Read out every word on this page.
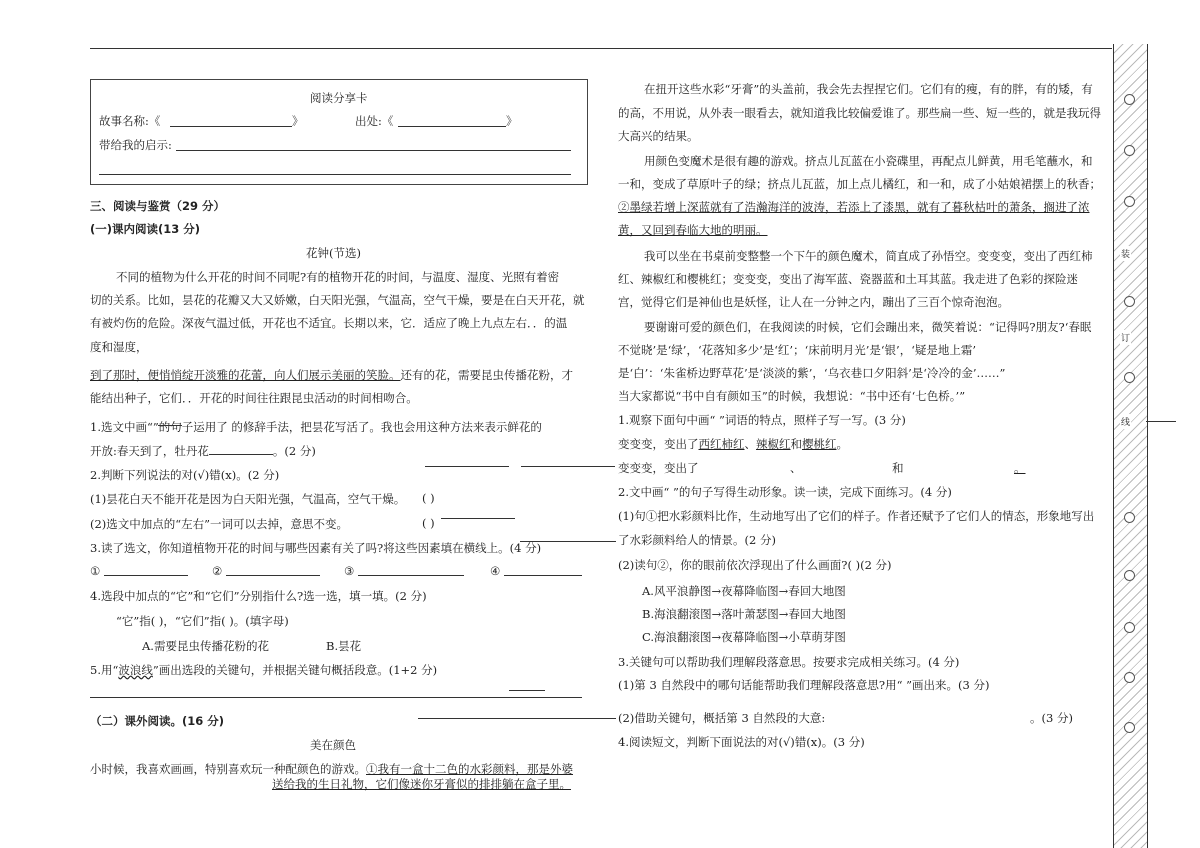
阅读分享卡
故事名称:《	》	出处:《	》
带给我的启示:
三、阅读与鉴赏（29 分）
(一)课内阅读(13 分)
花钟(节选)
不同的植物为什么开花的时间不同呢?有的植物开花的时间，与温度、湿度、光照有着密
切的关系。比如，昙花的花瓣又大又娇嫩，白天阳光强，气温高，空气干燥，要是在白天开花，就
有被灼伤的危险。深夜气温过低，开花也不适宜。长期以来，它．适应了晚上九点左右．．的温
度和湿度，
到了那时，便悄悄绽开淡雅的花蕾，向人们展示美丽的笑脸。还有的花，需要昆虫传播花粉，才
能结出种子，它们．．开花的时间往往跟昆虫活动的时间相吻合。
1.选文中画“”的句子运用了 的修辞手法，把昙花写活了。我也会用这种方法来表示鲜花的
开放:春天到了，牡丹花	。(2 分)
2.判断下列说法的对(√)错(x)。(2 分)
(1)昙花白天不能开花是因为白天阳光强，气温高，空气干燥。 ( )
(2)选文中加点的“左右”一词可以去掉，意思不变。	( )
3.读了选文，你知道植物开花的时间与哪些因素有关了吗?将这些因素填在横线上。(4 分)
①	②	③	④
4.选段中加点的“它”和“它们”分别指什么?选一选，填一填。(2 分)
“它”指( )，“它们”指( )。(填字母)
A.需要昆虫传播花粉的花	B.昙花
5.用“波浪线”画出选段的关键句，并根据关键句概括段意。(1+2 分)
（二）课外阅读。(16 分)
美在颜色
小时候，我喜欢画画，特别喜欢玩一种配颜色的游戏。①我有一盒十二色的水彩颜料，那是外婆
送给我的生日礼物，它们像迷你牙膏似的排排躺在盒子里。
在扭开这些水彩“牙膏”的头盖前，我会先去捏捏它们。它们有的瘦，有的胖，有的矮，有
的高，不用说，从外表一眼看去，就知道我比较偏爱谁了。那些扁一些、短一些的，就是我玩得
大高兴的结果。
用颜色变魔术是很有趣的游戏。挤点儿瓦蓝在小瓷碟里，再配点儿鲜黄，用毛笔蘸水，和
一和，变成了草原叶子的绿；挤点儿瓦蓝，加上点儿橘红，和一和，成了小姑娘裙摆上的秋香；
②墨绿若增上深蓝就有了浩瀚海洋的波涛，若添上了漆黑，就有了暮秋枯叶的萧条，搁进了浓
黄，又回到春临大地的明丽。
我可以坐在书桌前变整整一个下午的颜色魔术，简直成了孙悟空。变变变，变出了西红柿
红、辣椒红和樱桃红；变变变，变出了海军蓝、瓷器蓝和土耳其蓝。我走进了色彩的探险迷
宫，觉得它们是神仙也是妖怪，让人在一分钟之内，蹦出了三百个惊奇泡泡。
要谢谢可爱的颜色们，在我阅读的时候，它们会蹦出来，微笑着说：“记得吗?朋友?‘春眠
不觉晓’是‘绿’，‘花落知多少’是‘红’；‘床前明月光’是‘银’，‘疑是地上霜’
是‘白’：‘朱雀桥边野草花’是‘淡淡的紫’，‘乌衣巷口夕阳斜’是‘冷冷的金’……”
当大家都说“书中自有颜如玉”的时候，我想说：“书中还有‘七色桥。’”
1.观察下面句中画“ ”词语的特点，照样子写一写。(3 分)
变变变，变出了西红柿红、辣椒红和樱桃红。
变变变，变出了	、	和	。
2.文中画“ ”的句子写得生动形象。读一读，完成下面练习。(4 分)
(1)句①把水彩颜料比作，生动地写出了它们的样子。作者还赋予了它们人的情态，形象地写出
了水彩颜料给人的情景。(2 分)
(2)读句②，你的眼前依次浮现出了什么画面?( )(2 分)
A.风平浪静图→夜幕降临图→春回大地图
B.海浪翻滚图→落叶萧瑟图→春回大地图
C.海浪翻滚图→夜幕降临图→小草萌芽图
3.关键句可以帮助我们理解段落意思。按要求完成相关练习。(4 分)
(1)第 3 自然段中的哪句话能帮助我们理解段落意思?用“ ”画出来。(3 分)
(2)借助关键句，概括第 3 自然段的大意:	。(3 分)
4.阅读短文，判断下面说法的对(√)错(x)。(3 分)
装
订
线
